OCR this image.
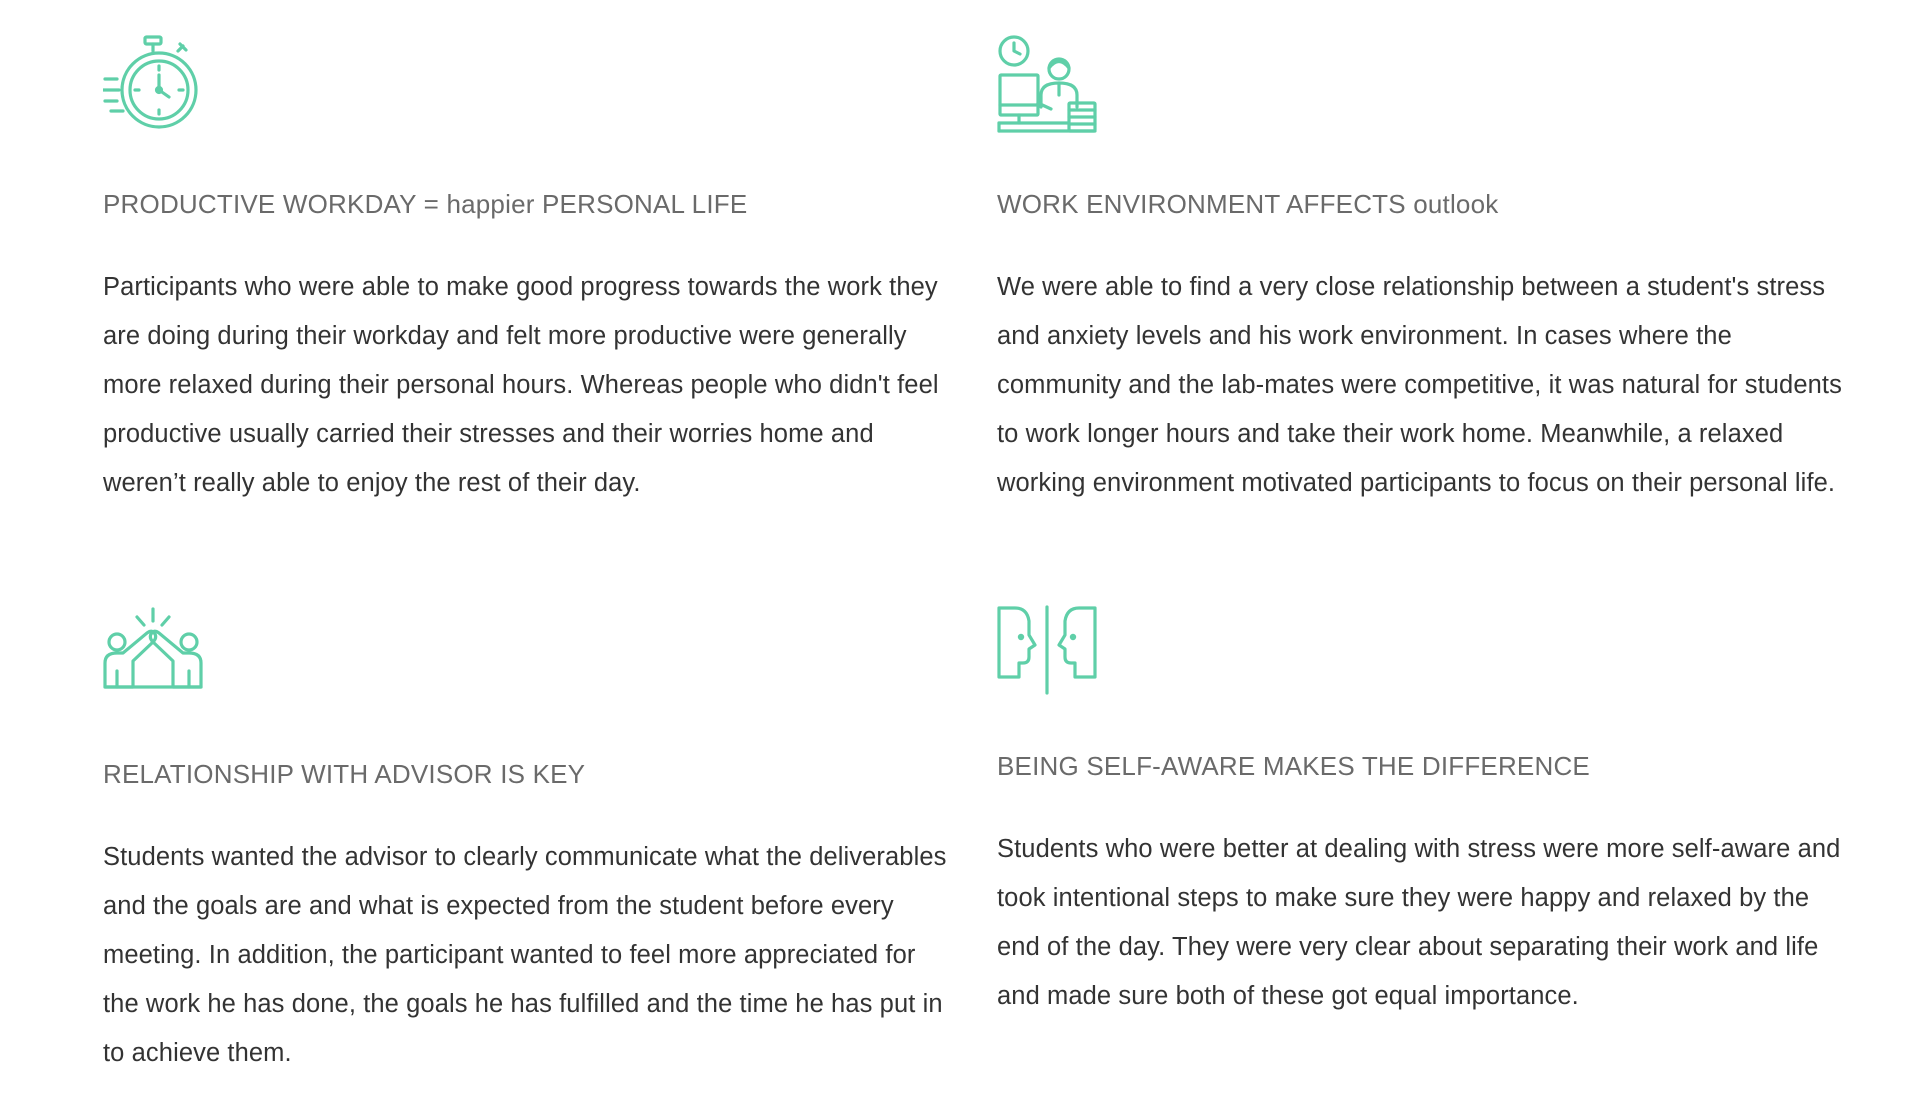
PRODUCTIVE WORKDAY = happier PERSONAL LIFE
Participants who were able to make good progress towards the work they are doing during their workday and felt more productive were generally more relaxed during their personal hours. Whereas people who didn't feel productive usually carried their stresses and their worries home and weren’t really able to enjoy the rest of their day.
WORK ENVIRONMENT AFFECTS outlook
We were able to find a very close relationship between a student's stress and anxiety levels and his work environment. In cases where the community and the lab-mates were competitive, it was natural for students to work longer hours and take their work home. Meanwhile, a relaxed working environment motivated participants to focus on their personal life.
RELATIONSHIP WITH ADVISOR IS KEY
Students wanted the advisor to clearly communicate what the deliverables and the goals are and what is expected from the student before every meeting. In addition, the participant wanted to feel more appreciated for the work he has done, the goals he has fulfilled and the time he has put in to achieve them.
BEING SELF-AWARE MAKES THE DIFFERENCE
Students who were better at dealing with stress were more self-aware and took intentional steps to make sure they were happy and relaxed by the end of the day. They were very clear about separating their work and life and made sure both of these got equal importance.
